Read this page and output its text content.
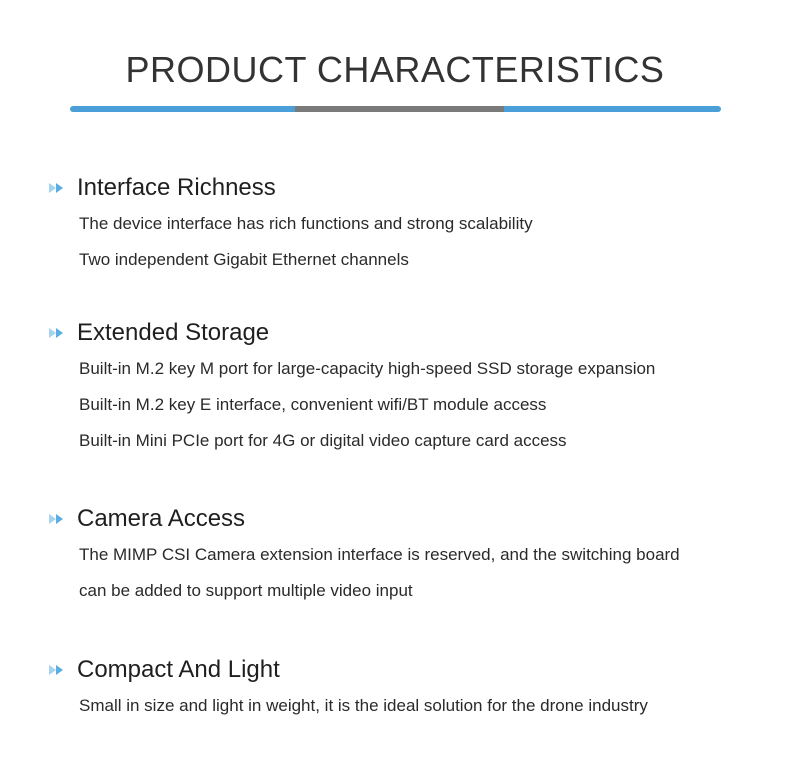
PRODUCT CHARACTERISTICS
Interface Richness
The device interface has rich functions and strong scalability
Two independent Gigabit Ethernet channels
Extended Storage
Built-in M.2 key M port for large-capacity high-speed SSD storage expansion
Built-in M.2 key E interface, convenient wifi/BT module access
Built-in Mini PCIe port for 4G or digital video capture card access
Camera Access
The MIMP CSI Camera extension interface is reserved, and the switching board
can be added to support multiple video input
Compact And Light
Small in size and light in weight, it is the ideal solution for the drone industry
